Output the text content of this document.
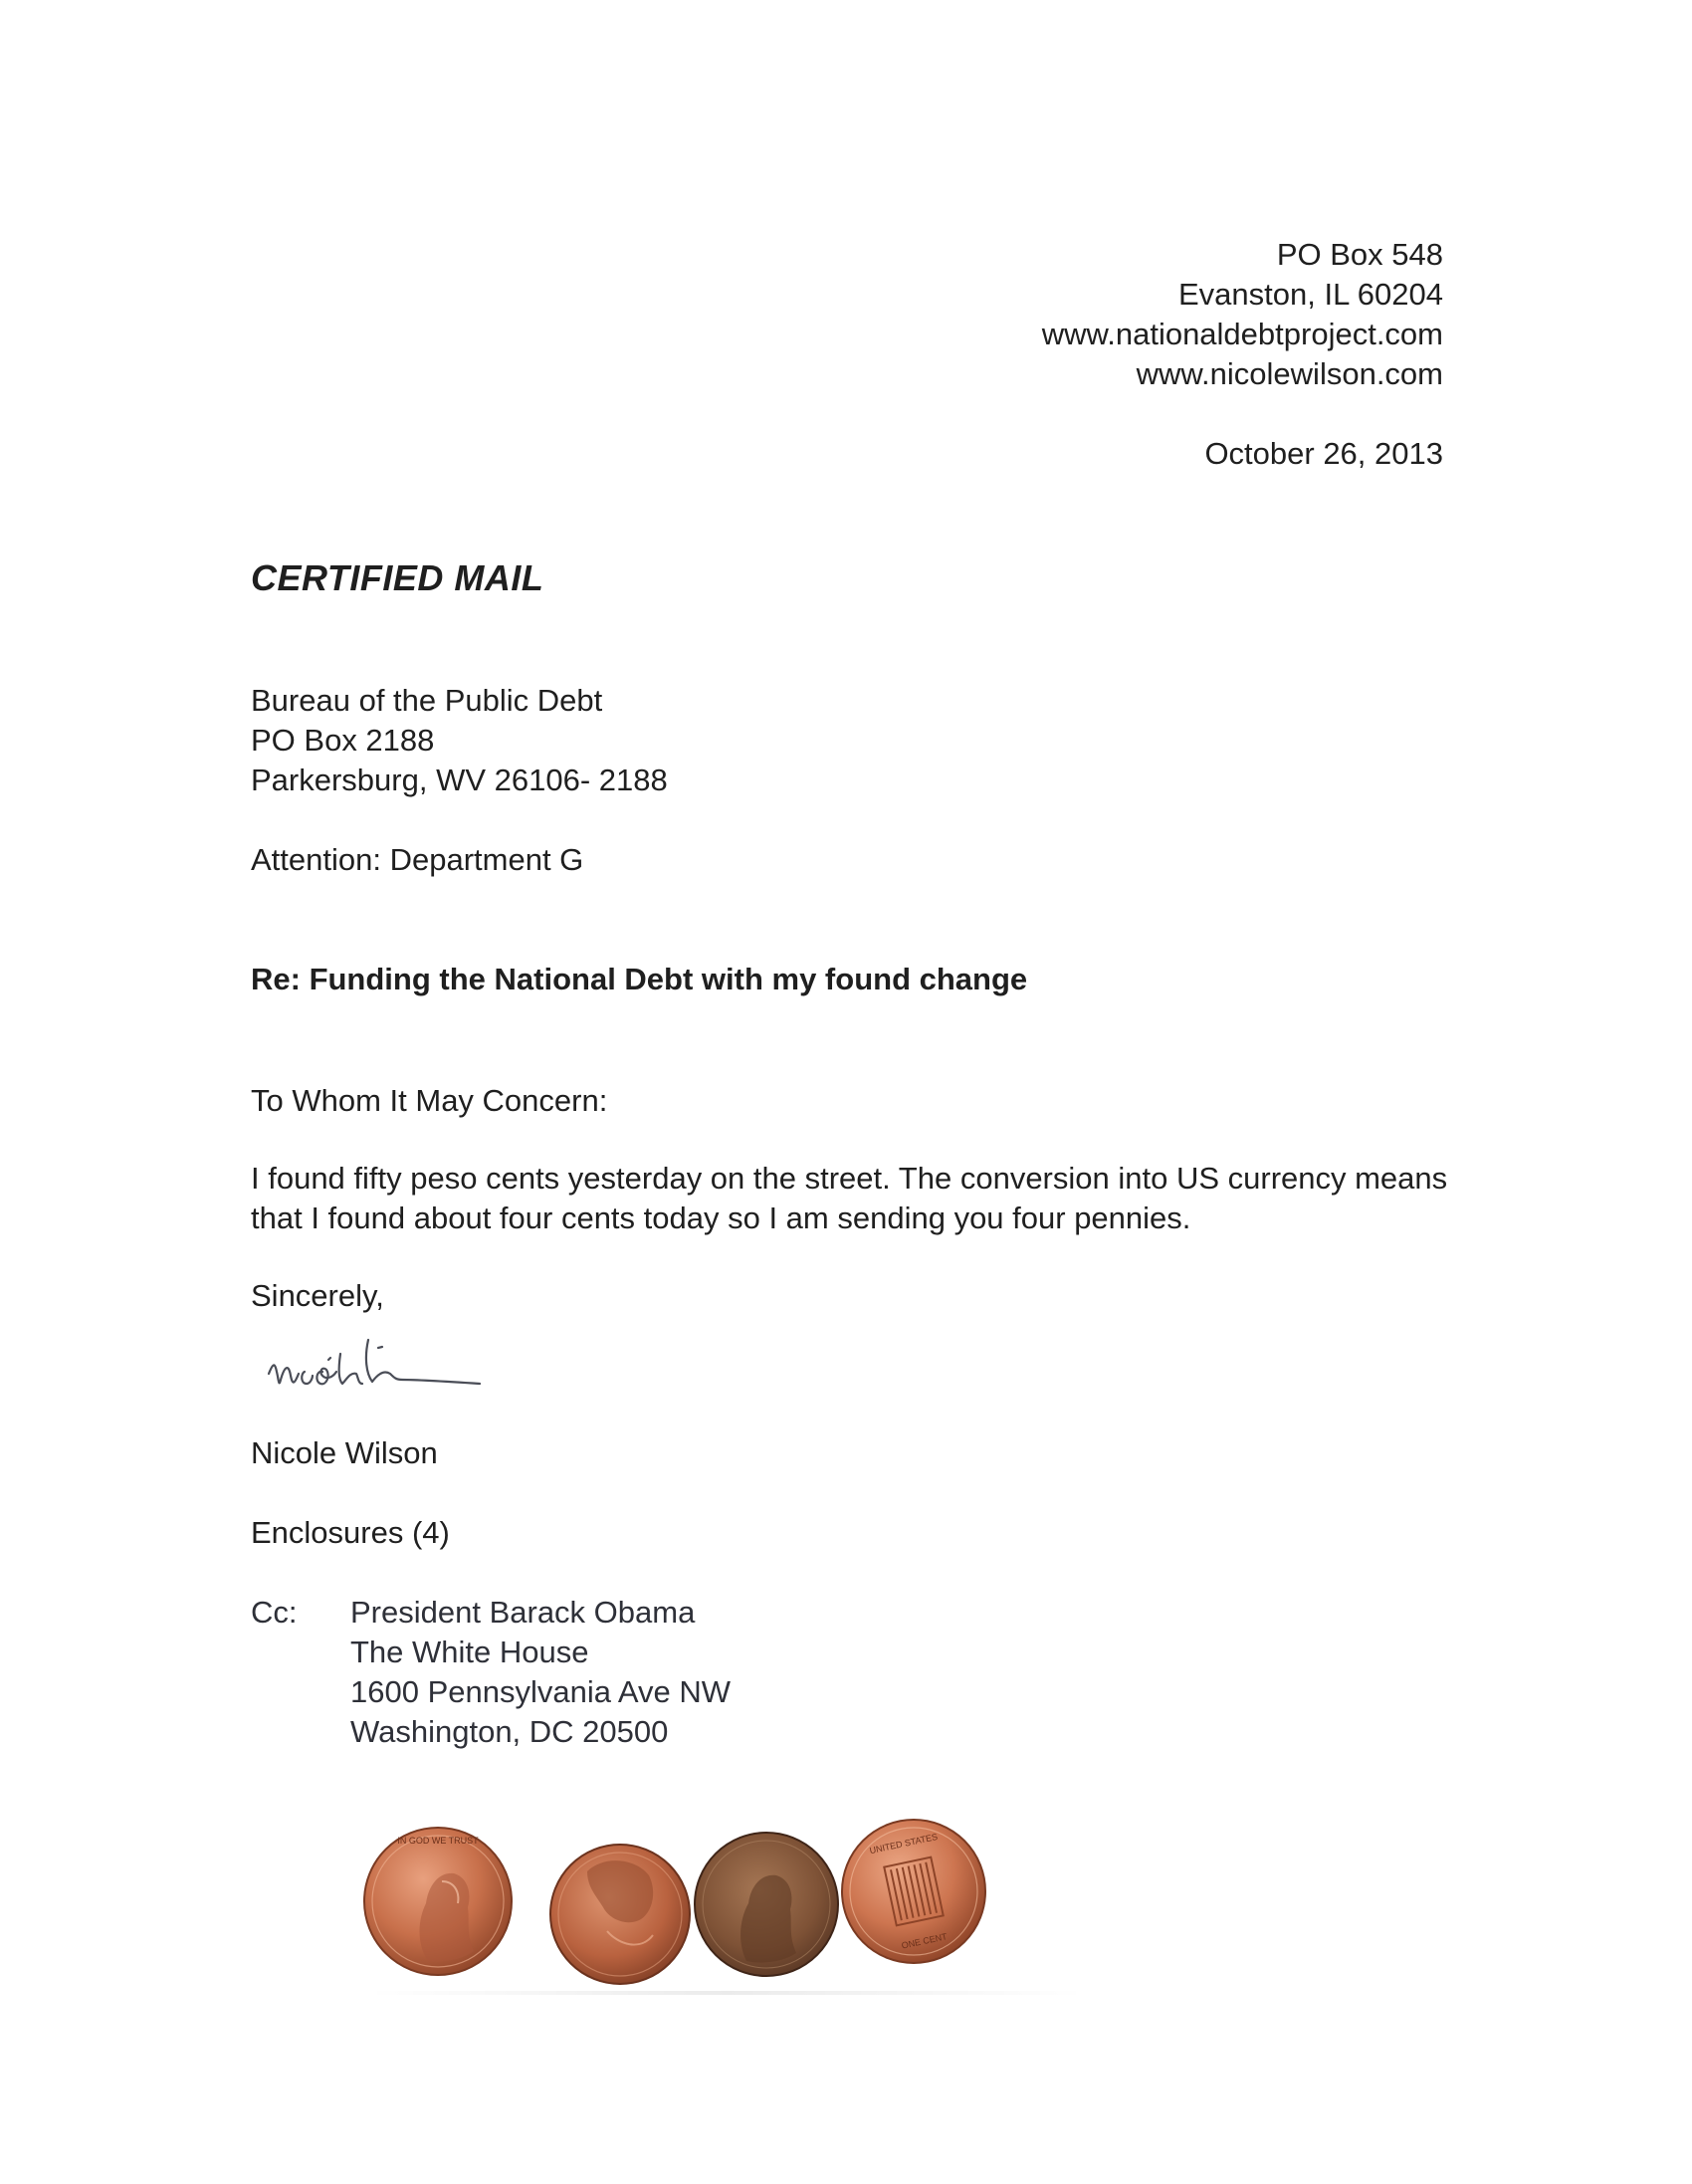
PO Box 548
Evanston, IL 60204
www.nationaldebtproject.com
www.nicolewilson.com
October 26, 2013
CERTIFIED MAIL
Bureau of the Public Debt
PO Box 2188
Parkersburg, WV 26106- 2188
Attention: Department G
Re: Funding the National Debt with my found change
To Whom It May Concern:
I found fifty peso cents yesterday on the street. The conversion into US currency means that I found about four cents today so I am sending you four pennies.
Sincerely,
Nicole Wilson
Enclosures (4)
Cc: President Barack Obama
The White House
1600 Pennsylvania Ave NW
Washington, DC 20500
IN GOD WE TRUST	UNITED STATES
ONE CENT
